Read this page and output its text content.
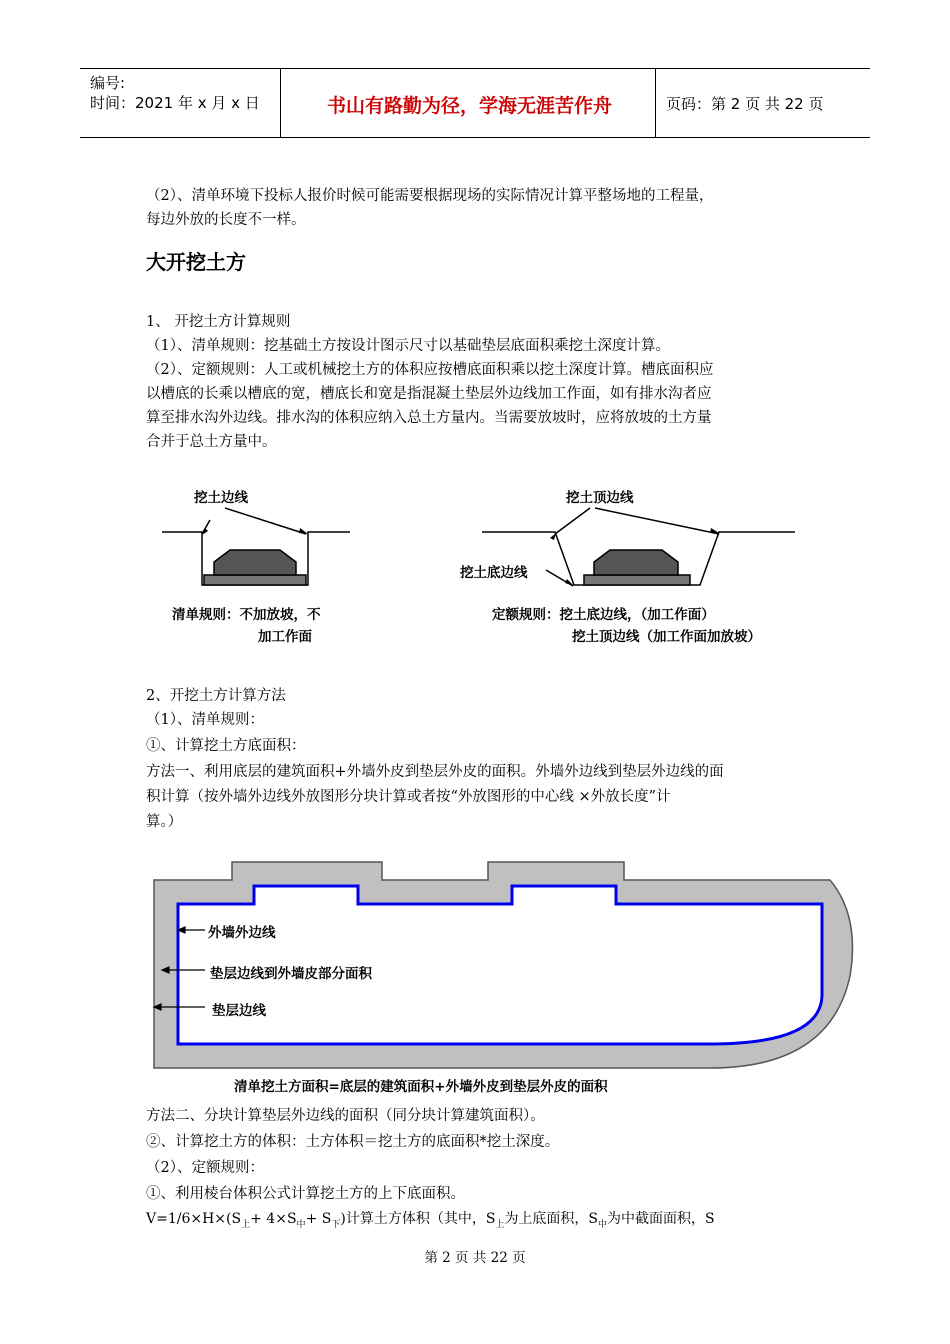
编号:
时间：2021 年 x 月 x 日	书山有路勤为径，学海无涯苦作舟	页码：第 2 页 共 22 页
（2）、清单环境下投标人报价时候可能需要根据现场的实际情况计算平整场地的工程量，
每边外放的长度不一样。
大开挖土方
1、 开挖土方计算规则
（1）、清单规则：挖基础土方按设计图示尺寸以基础垫层底面积乘挖土深度计算。
（2）、定额规则：人工或机械挖土方的体积应按槽底面积乘以挖土深度计算。槽底面积应
以槽底的长乘以槽底的宽，槽底长和宽是指混凝土垫层外边线加工作面，如有排水沟者应
算至排水沟外边线。排水沟的体积应纳入总土方量内。当需要放坡时，应将放坡的土方量
合并于总土方量中。
挖土边线	挖土顶边线
挖土底边线
清单规则：不加放坡，不
加工作面
定额规则：挖土底边线，（加工作面）
挖土顶边线（加工作面加放坡）
2、开挖土方计算方法
（1）、清单规则：
①、计算挖土方底面积：
方法一、利用底层的建筑面积+外墙外皮到垫层外皮的面积。外墙外边线到垫层外边线的面
积计算（按外墙外边线外放图形分块计算或者按“外放图形的中心线 ×外放长度”计
算。）
外墙外边线
垫层边线到外墙皮部分面积
垫层边线
清单挖土方面积=底层的建筑面积+外墙外皮到垫层外皮的面积
方法二、分块计算垫层外边线的面积（同分块计算建筑面积）。
②、计算挖土方的体积：土方体积＝挖土方的底面积*挖土深度。
（2）、定额规则：
①、利用棱台体积公式计算挖土方的上下底面积。
$V=1/6\times H\times(S_上+ 4\times S_中+ S_下)$计算土方体积（其中，$S_上$为上底面积，$S_中$为中截面面积，S
第 2 页 共 22 页
